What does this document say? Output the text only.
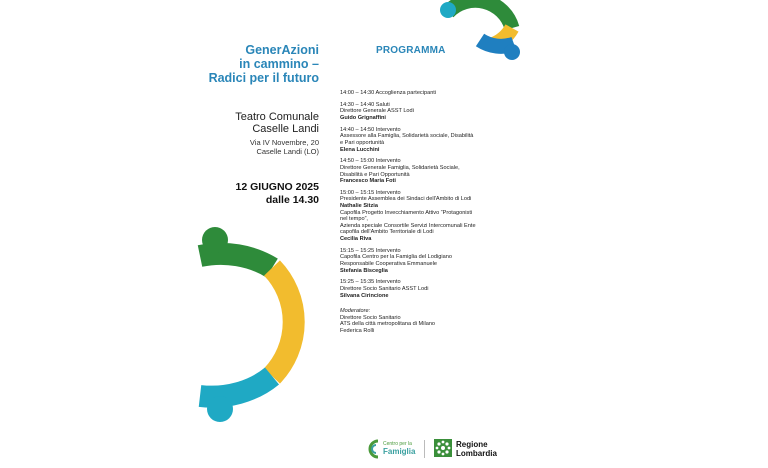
GenerAzioni
in cammino –
Radici per il futuro
PROGRAMMA
Teatro Comunale
Caselle Landi
Via IV Novembre, 20
Caselle Landi (LO)
12 GIUGNO 2025
dalle 14.30
14:00 – 14:30 Accoglienza partecipanti
14:30 – 14:40 Saluti
Direttore Generale ASST Lodi
Guido Grignaffini
14:40 – 14:50 Intervento
Assessore alla Famiglia, Solidarietà sociale, Disabilità
e Pari opportunità
Elena Lucchini
14:50 – 15:00 Intervento
Direttore Generale Famiglia, Solidarietà Sociale,
Disabilità e Pari Opportunità
Francesco Maria Foti
15:00 – 15:15 Intervento
Presidente Assemblea dei Sindaci dell'Ambito di Lodi
Nathalie Sitzia
Capofila Progetto Invecchiamento Attivo “Protagonisti
nel tempo”,
Azienda speciale Consortile Servizi Intercomunali Ente
capofila dell'Ambito Territoriale di Lodi
Cecilia Riva
15:15 – 15:25 Intervento
Capofila Centro per la Famiglia del Lodigiano
Responsabile Cooperativa Emmanuele
Stefania Bisceglia
15:25 – 15:35 Intervento
Direttore Socio Sanitario ASST Lodi
Silvana Cirincione
Moderatore:
Direttore Socio Sanitario
ATS della città metropolitana di Milano
Federica Rolli
Centro per la
Famiglia
Regione
Lombardia
